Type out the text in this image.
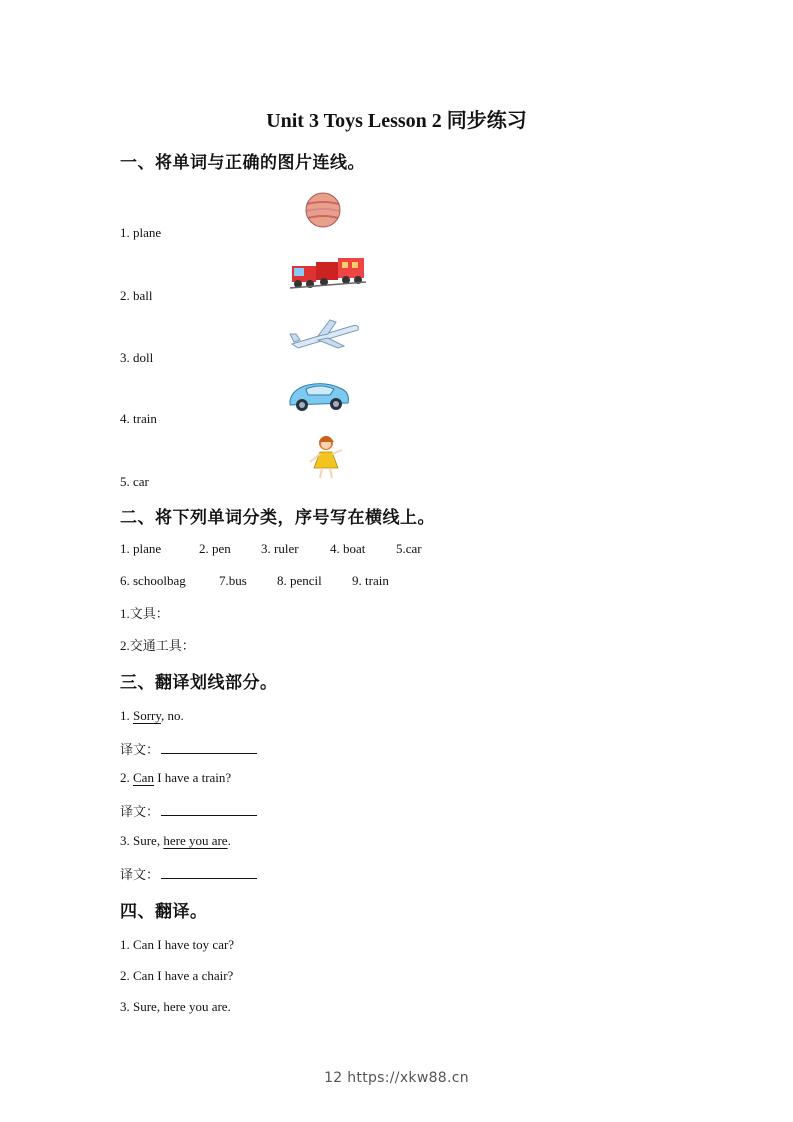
Unit 3 Toys Lesson 2 同步练习
一、将单词与正确的图片连线。
1. plane
2. ball
3. doll
4. train
5. car
二、将下列单词分类，序号写在横线上。
1. plane	2. pen 3. ruler 4. boat 5.car
6. schoolbag	7.bus 8. pencil 9. train
1.文具：
2.交通工具：
三、翻译划线部分。
1. Sorry, no.
译文：
2. Can I have a train?
译文：
3. Sure, here you are.
译文：
四、翻译。
1. Can I have toy car?
2. Can I have a chair?
3. Sure, here you are.
12 https://xkw88.cn
